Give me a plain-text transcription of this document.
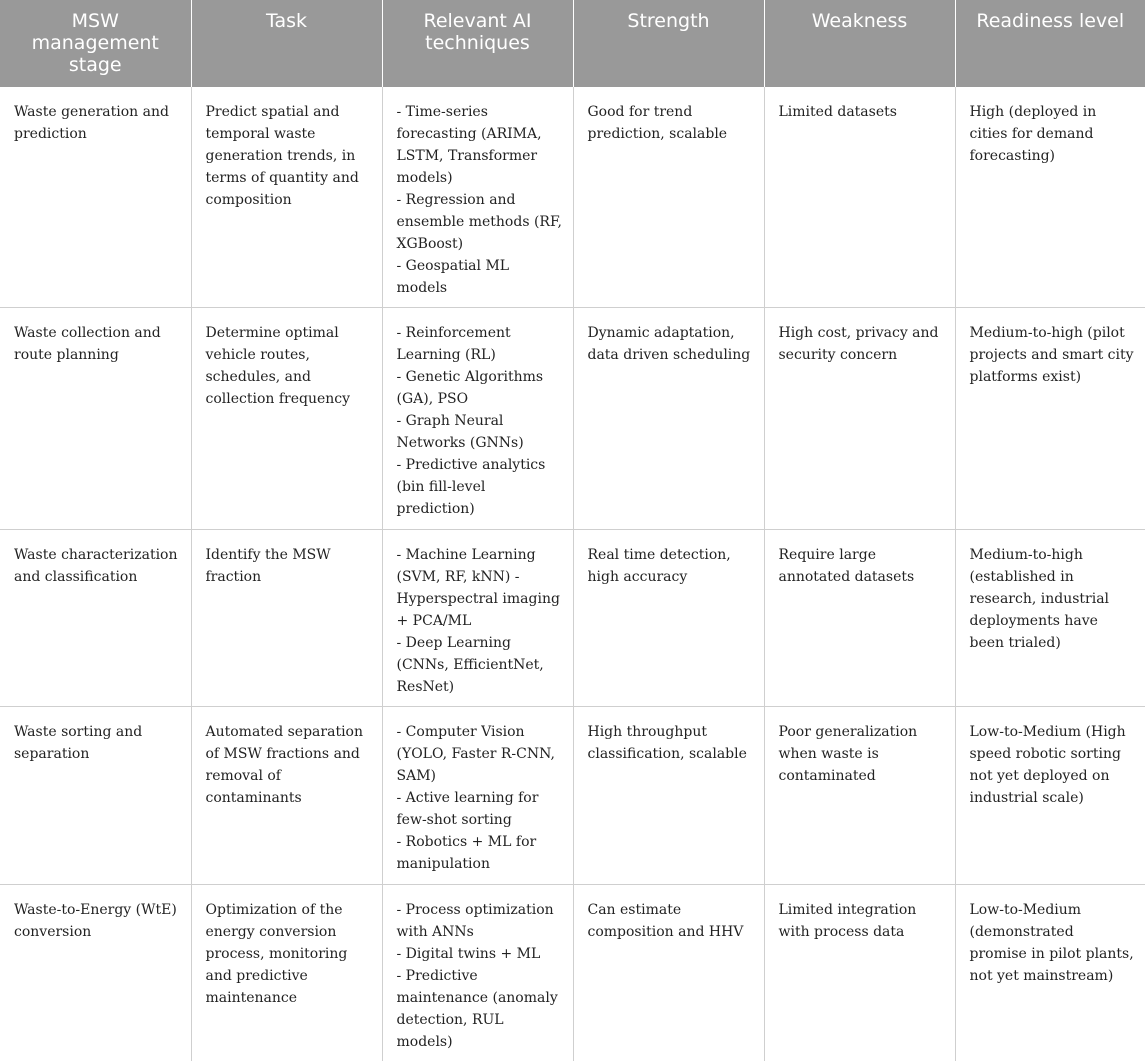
MSW management stage	Task	Relevant AI techniques	Strength	Weakness	Readiness level
Waste generation and prediction	Predict spatial and temporal waste generation trends, in terms of quantity and composition	- Time-series forecasting (ARIMA, LSTM, Transformer models)
- Regression and ensemble methods (RF, XGBoost)
- Geospatial ML models	Good for trend prediction, scalable	Limited datasets	High (deployed in cities for demand forecasting)
Waste collection and route planning	Determine optimal vehicle routes, schedules, and collection frequency	- Reinforcement Learning (RL)
- Genetic Algorithms (GA), PSO
- Graph Neural Networks (GNNs)
- Predictive analytics (bin fill-level prediction)	Dynamic adaptation, data driven scheduling	High cost, privacy and security concern	Medium-to-high (pilot projects and smart city platforms exist)
Waste characterization and classification	Identify the MSW fraction	- Machine Learning (SVM, RF, kNN) - Hyperspectral imaging + PCA/ML
- Deep Learning (CNNs, EfficientNet, ResNet)	Real time detection, high accuracy	Require large annotated datasets	Medium-to-high (established in research, industrial deployments have been trialed)
Waste sorting and separation	Automated separation of MSW fractions and removal of contaminants	- Computer Vision (YOLO, Faster R-CNN, SAM)
- Active learning for few-shot sorting
- Robotics + ML for manipulation	High throughput classification, scalable	Poor generalization when waste is contaminated	Low-to-Medium (High speed robotic sorting not yet deployed on industrial scale)
Waste-to-Energy (WtE) conversion	Optimization of the energy conversion process, monitoring and predictive maintenance	- Process optimization with ANNs
- Digital twins + ML
- Predictive maintenance (anomaly detection, RUL models)	Can estimate composition and HHV	Limited integration with process data	Low-to-Medium (demonstrated promise in pilot plants, not yet mainstream)
